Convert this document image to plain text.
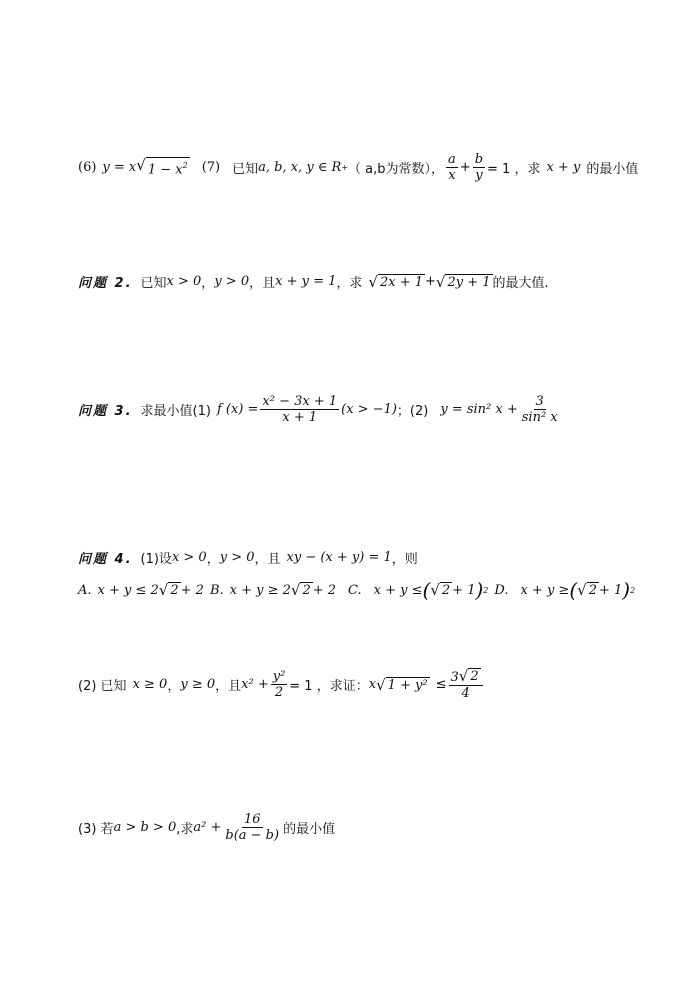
(6) y = x √ $1 - x^2$ (7) 已知 a, b, x, y ∈ R + （ a,b为常数）， $\frac{a}{x} + \frac{b}{y} = 1$ ，求 x + y 的最小值
问题 2. 已知 x > 0 ， y > 0 ，且 x + y = 1 ，求 √ 2x + 1 + √ 2y + 1 的最大值.
问题 3. 求最小值(1) f $(x) = \frac{\text{x² − 3x + 1}}{x + 1} (x > -1)$ ；(2) y = sin² $x + \frac{3}{\text{sin² x}}$
问题 4. (1)设 x > 0 ， y > 0 ，且 xy − (x + y) = 1 ，则
A. x + y ≤ 2 √ 2 + 2 B. x + y ≥ 2 √ 2 + 2 C. x + y ≤ ( √ 2 + 1 ) 2 D. x + y ≥ ( √ 2 + 1 ) 2
(2) 已知 x ≥ 0 ， y ≥ 0 ，且 $x^2 + \frac{\text{y²}}{2} = 1$ ，求证： x √ $1 + y^2 \le \frac{3 √ 2}{4}$
(3) 若 a > b > 0 ,求 $a^2 + \frac{16}{b(a - b)}$ 的最小值
